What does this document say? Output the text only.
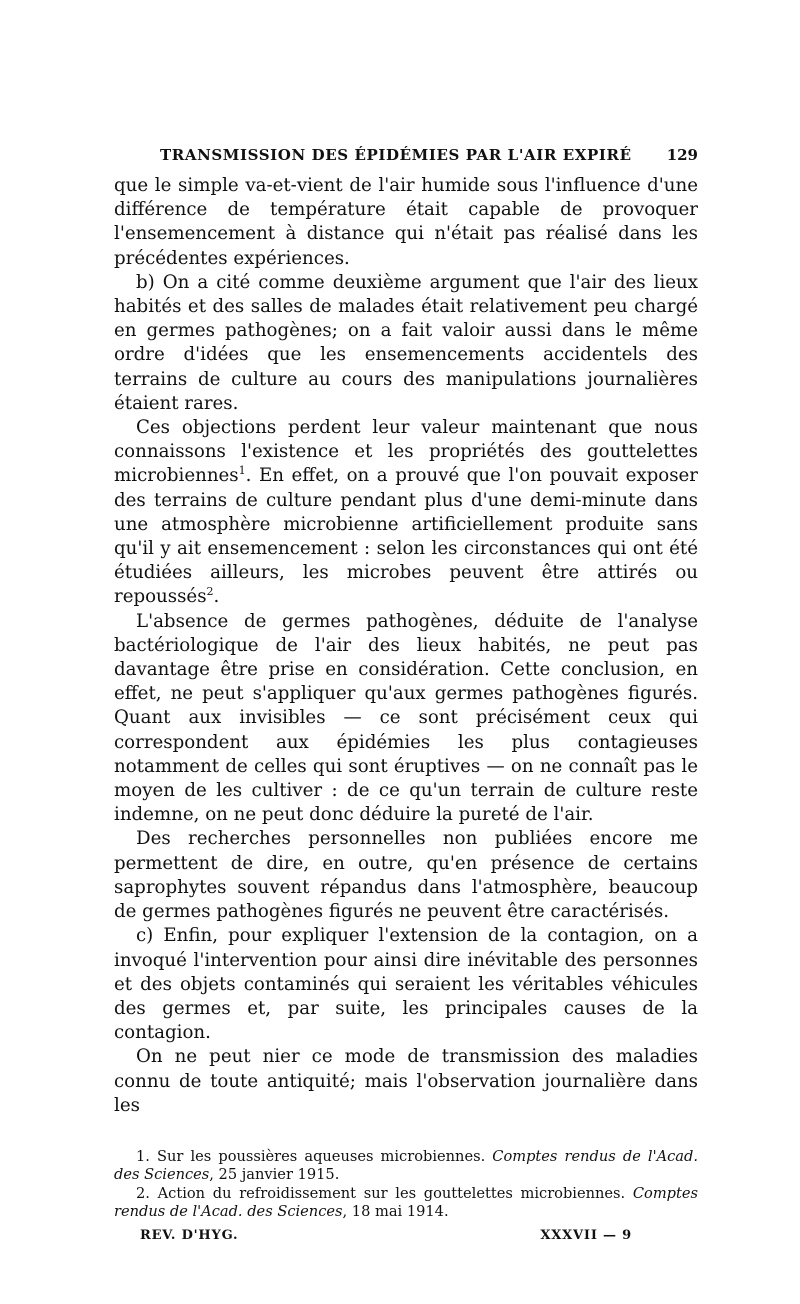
TRANSMISSION DES ÉPIDÉMIES PAR L'AIR EXPIRÉ 129

que le simple va-et-vient de l'air humide sous l'influence d'une différence de température était capable de provoquer l'ensemencement à distance qui n'était pas réalisé dans les précédentes expériences.

b) On a cité comme deuxième argument que l'air des lieux habités et des salles de malades était relativement peu chargé en germes pathogènes; on a fait valoir aussi dans le même ordre d'idées que les ensemencements accidentels des terrains de culture au cours des manipulations journalières étaient rares.

Ces objections perdent leur valeur maintenant que nous connaissons l'existence et les propriétés des gouttelettes microbiennes$^1$. En effet, on a prouvé que l'on pouvait exposer des terrains de culture pendant plus d'une demi-minute dans une atmosphère microbienne artificiellement produite sans qu'il y ait ensemencement : selon les circonstances qui ont été étudiées ailleurs, les microbes peuvent être attirés ou repoussés$^2$.

L'absence de germes pathogènes, déduite de l'analyse bactériologique de l'air des lieux habités, ne peut pas davantage être prise en considération. Cette conclusion, en effet, ne peut s'appliquer qu'aux germes pathogènes figurés. Quant aux invisibles — ce sont précisément ceux qui correspondent aux épidémies les plus contagieuses notamment de celles qui sont éruptives — on ne connaît pas le moyen de les cultiver : de ce qu'un terrain de culture reste indemne, on ne peut donc déduire la pureté de l'air.

Des recherches personnelles non publiées encore me permettent de dire, en outre, qu'en présence de certains saprophytes souvent répandus dans l'atmosphère, beaucoup de germes pathogènes figurés ne peuvent être caractérisés.

c) Enfin, pour expliquer l'extension de la contagion, on a invoqué l'intervention pour ainsi dire inévitable des personnes et des objets contaminés qui seraient les véritables véhicules des germes et, par suite, les principales causes de la contagion.

On ne peut nier ce mode de transmission des maladies connu de toute antiquité; mais l'observation journalière dans les

1. Sur les poussières aqueuses microbiennes. Comptes rendus de l'Acad. des Sciences, 25 janvier 1915.

2. Action du refroidissement sur les gouttelettes microbiennes. Comptes rendus de l'Acad. des Sciences, 18 mai 1914.

REV. D'HYG.	XXXVII — 9
